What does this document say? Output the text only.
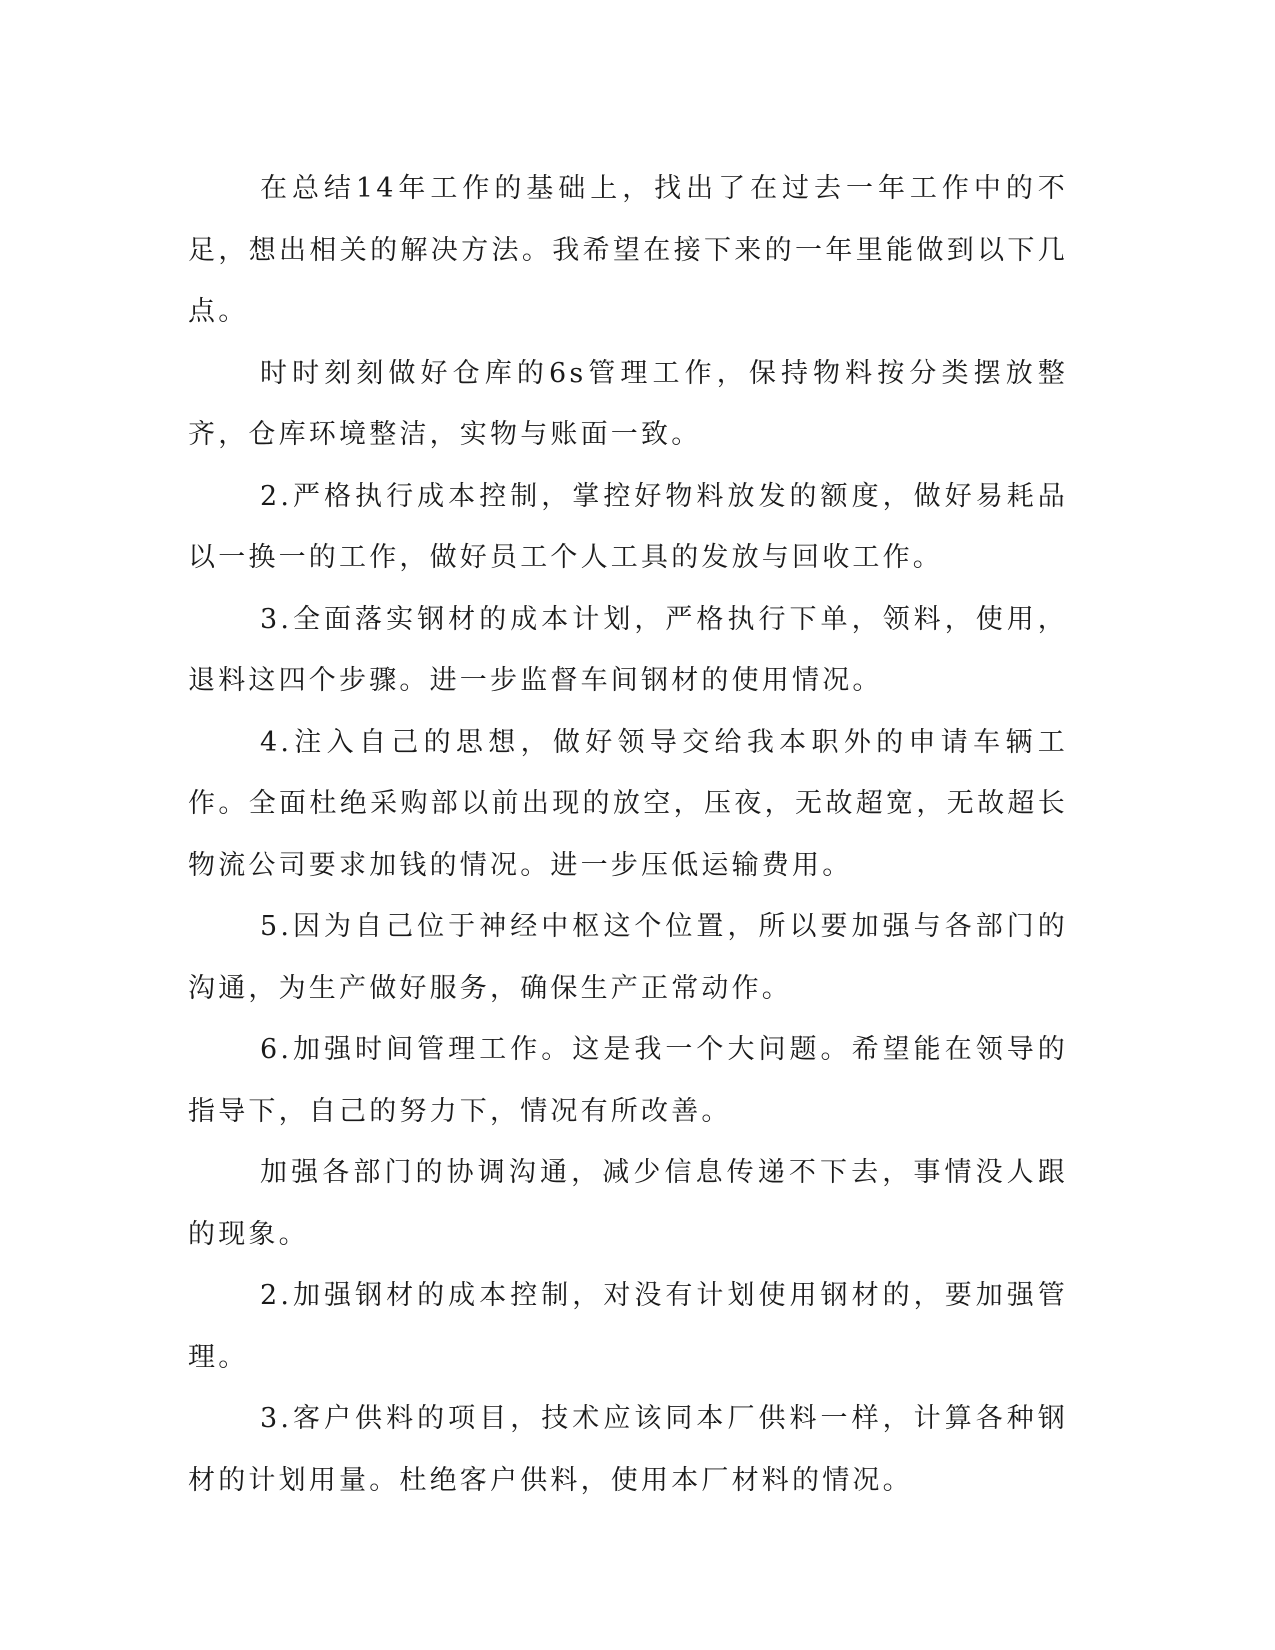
在总结14年工作的基础上，找出了在过去一年工作中的不足，想出相关的解决方法。我希望在接下来的一年里能做到以下几点。

时时刻刻做好仓库的6s管理工作，保持物料按分类摆放整齐，仓库环境整洁，实物与账面一致。

2.严格执行成本控制，掌控好物料放发的额度，做好易耗品以一换一的工作，做好员工个人工具的发放与回收工作。

3.全面落实钢材的成本计划，严格执行下单，领料，使用，退料这四个步骤。进一步监督车间钢材的使用情况。

4.注入自己的思想，做好领导交给我本职外的申请车辆工作。全面杜绝采购部以前出现的放空，压夜，无故超宽，无故超长物流公司要求加钱的情况。进一步压低运输费用。

5.因为自己位于神经中枢这个位置，所以要加强与各部门的沟通，为生产做好服务，确保生产正常动作。

6.加强时间管理工作。这是我一个大问题。希望能在领导的指导下，自己的努力下，情况有所改善。

加强各部门的协调沟通，减少信息传递不下去，事情没人跟的现象。

2.加强钢材的成本控制，对没有计划使用钢材的，要加强管理。

3.客户供料的项目，技术应该同本厂供料一样，计算各种钢材的计划用量。杜绝客户供料，使用本厂材料的情况。
